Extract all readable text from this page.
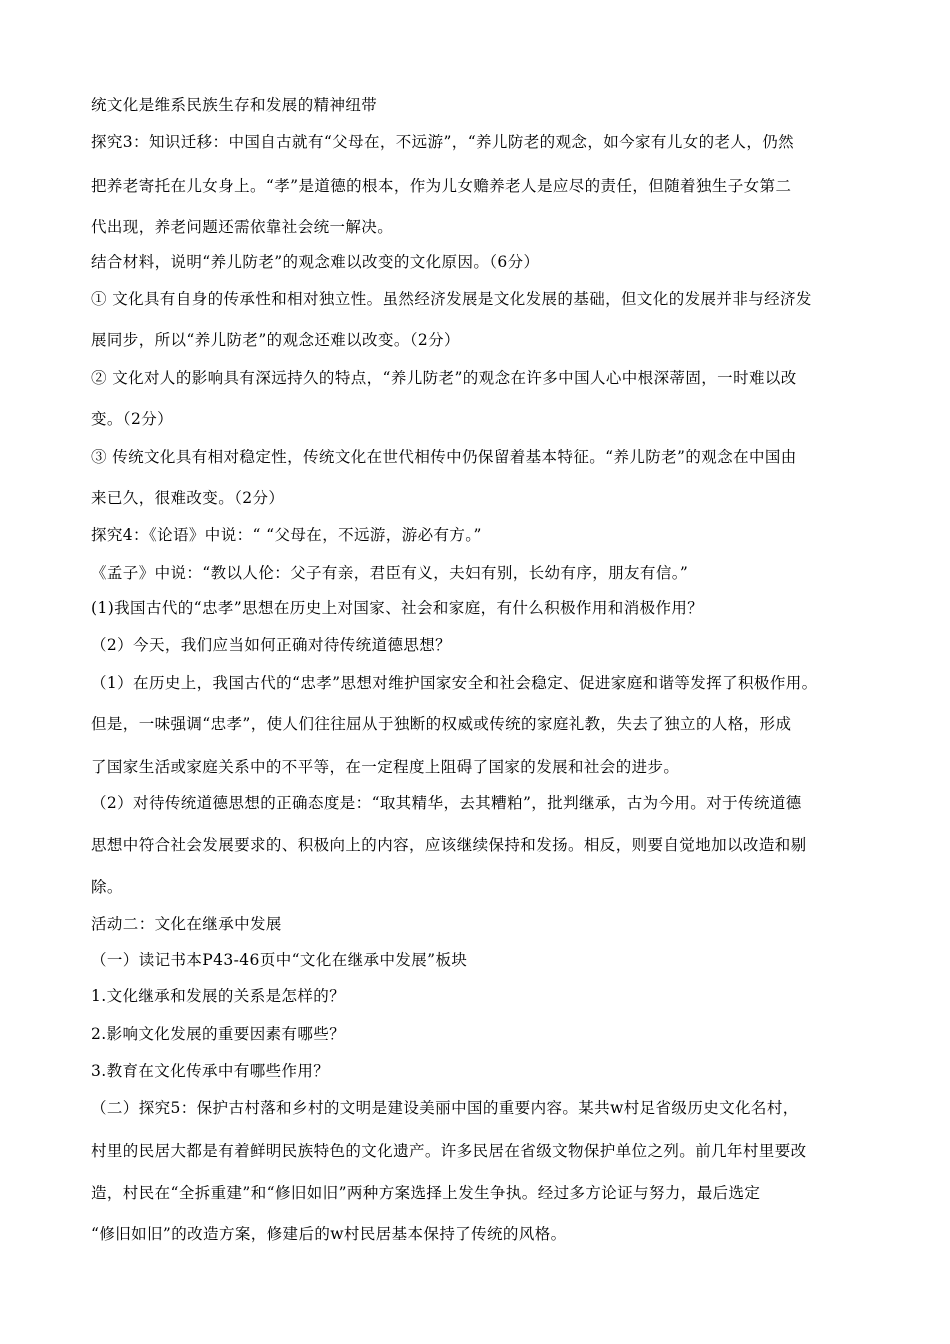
统文化是维系民族生存和发展的精神纽带
探究3：知识迁移：中国自古就有“父母在，不远游”，“养儿防老的观念，如今家有儿女的老人，仍然
把养老寄托在儿女身上。“孝”是道德的根本，作为儿女赡养老人是应尽的责任，但随着独生子女第二
代出现，养老问题还需依靠社会统一解决。
结合材料，说明“养儿防老”的观念难以改变的文化原因。（6分）
① 文化具有自身的传承性和相对独立性。虽然经济发展是文化发展的基础，但文化的发展并非与经济发
展同步，所以“养儿防老”的观念还难以改变。（2分）
② 文化对人的影响具有深远持久的特点，“养儿防老”的观念在许多中国人心中根深蒂固，一时难以改
变。（2分）
③ 传统文化具有相对稳定性，传统文化在世代相传中仍保留着基本特征。“养儿防老”的观念在中国由
来已久，很难改变。（2分）
探究4：《论语》中说：“ “父母在，不远游，游必有方。”
《孟子》中说：“教以人伦：父子有亲，君臣有义，夫妇有别，长幼有序，朋友有信。”
(1)我国古代的“忠孝”思想在历史上对国家、社会和家庭，有什么积极作用和消极作用？
（2）今天，我们应当如何正确对待传统道德思想？
（1）在历史上，我国古代的“忠孝”思想对维护国家安全和社会稳定、促进家庭和谐等发挥了积极作用。
但是，一味强调“忠孝”，使人们往往屈从于独断的权威或传统的家庭礼教，失去了独立的人格，形成
了国家生活或家庭关系中的不平等，在一定程度上阻碍了国家的发展和社会的进步。
（2）对待传统道德思想的正确态度是：“取其精华，去其糟粕”，批判继承，古为今用。对于传统道德
思想中符合社会发展要求的、积极向上的内容，应该继续保持和发扬。相反，则要自觉地加以改造和剔
除。
活动二：文化在继承中发展
（一）读记书本P43-46页中“文化在继承中发展”板块
1.文化继承和发展的关系是怎样的？
2.影响文化发展的重要因素有哪些？
3.教育在文化传承中有哪些作用？
（二）探究5：保护古村落和乡村的文明是建设美丽中国的重要内容。某共w村足省级历史文化名村，
村里的民居大都是有着鲜明民族特色的文化遗产。许多民居在省级文物保护单位之列。前几年村里要改
造，村民在“全拆重建”和“修旧如旧”两种方案选择上发生争执。经过多方论证与努力，最后选定
“修旧如旧”的改造方案，修建后的w村民居基本保持了传统的风格。
